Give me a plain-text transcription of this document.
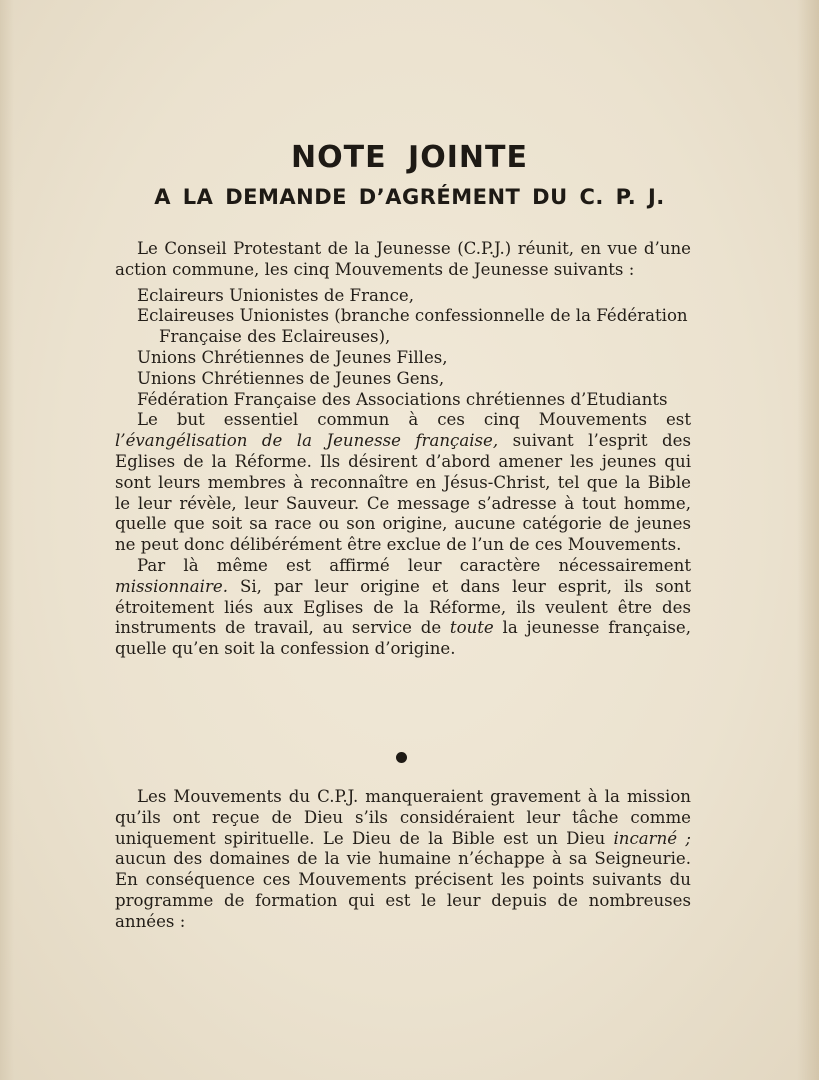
NOTE JOINTE
A LA DEMANDE D’AGRÉMENT DU C. P. J.

Le Conseil Protestant de la Jeunesse (C.P.J.) réunit, en vue d’une action commune, les cinq Mouvements de Jeunesse suivants :

Eclaireurs Unionistes de France,

Eclaireuses Unionistes (branche confessionnelle de la Fédération Française des Eclaireuses),

Unions Chrétiennes de Jeunes Filles,

Unions Chrétiennes de Jeunes Gens,

Fédération Française des Associations chrétiennes d’Etudiants

Le but essentiel commun à ces cinq Mouvements est l’évangélisation de la Jeunesse française, suivant l’esprit des Eglises de la Réforme. Ils désirent d’abord amener les jeunes qui sont leurs membres à reconnaître en Jésus-Christ, tel que la Bible le leur révèle, leur Sauveur. Ce message s’adresse à tout homme, quelle que soit sa race ou son origine, aucune catégorie de jeunes ne peut donc délibérément être exclue de l’un de ces Mouvements.

Par là même est affirmé leur caractère nécessairement missionnaire. Si, par leur origine et dans leur esprit, ils sont étroitement liés aux Eglises de la Réforme, ils veulent être des instruments de travail, au service de toute la jeunesse française, quelle qu’en soit la confession d’origine.

Les Mouvements du C.P.J. manqueraient gravement à la mission qu’ils ont reçue de Dieu s’ils considéraient leur tâche comme uniquement spirituelle. Le Dieu de la Bible est un Dieu incarné ; aucun des domaines de la vie humaine n’échappe à sa Seigneurie. En conséquence ces Mouvements précisent les points suivants du programme de formation qui est le leur depuis de nombreuses années :
